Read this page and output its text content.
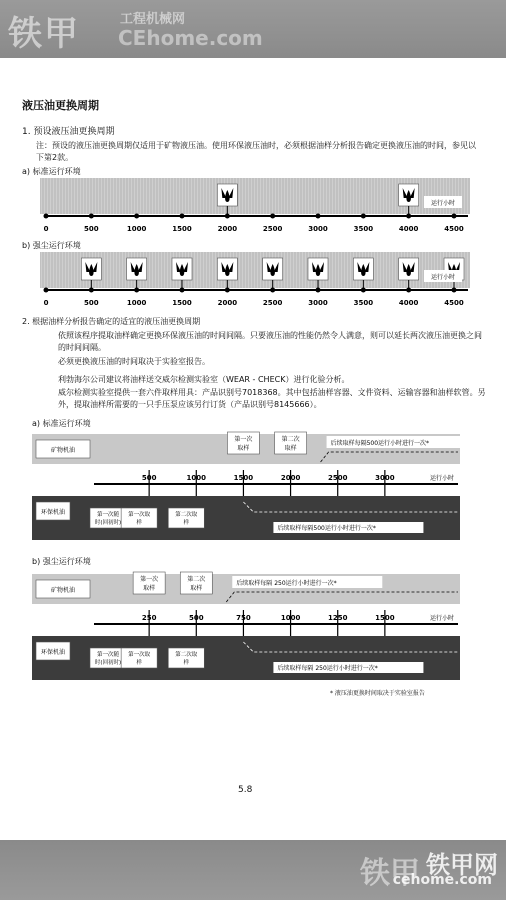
铁甲	工程机械网
CEhome.com
液压油更换周期
1. 预设液压油更换周期
注：预设的液压油更换周期仅适用于矿物液压油。使用环保液压油时，必须根据油样分析报告确定更换液压油的时间，参见以下第2款。
a) 标准运行环境
0	500	1000	1500	2000	2500	3000	3500	4000	4500
运行小时
b) 强尘运行环境
0	500	1000	1500	2000	2500	3000	3500	4000	4500
运行小时
2. 根据油样分析报告确定的适宜的液压油更换周期
依照该程序提取油样确定更换环保液压油的时间间隔。只要液压油的性能仍然令人满意，则可以延长两次液压油更换之间的时间间隔。
必须更换液压油的时间取决于实验室报告。
利勃海尔公司建议将油样送交威尔检测实验室（WEAR - CHECK）进行化验分析。
威尔检测实验室提供一套六件取样用具：产品识别号7018368。其中包括油样容器、文件资料、运输容器和油样软管。另外，提取油样所需要的一只手压泵应该另行订货（产品识别号8145666）。
a) 标准运行环境
矿物机油
500	1000	1500	2000	2500	3000	运行小时
第一次
取样
第二次
取样
后续取样每隔500运行小时进行一次*
环保机油	第一次随
时(回初时)
第一次取
样
第二次取
样
后续取样每隔500运行小时进行一次*
b) 强尘运行环境
矿物机油
250	500	750	1000	1250	1500	运行小时
第一次
取样
第二次
取样
后续取样每隔 250运行小时进行一次*
环保机油	第一次随
时(回初时)
第一次取
样
第二次取
样
后续取样每隔 250运行小时进行一次*
* 液压油更换时间取决于实验室报告
5.8
铁甲 铁甲网
cehome.com
